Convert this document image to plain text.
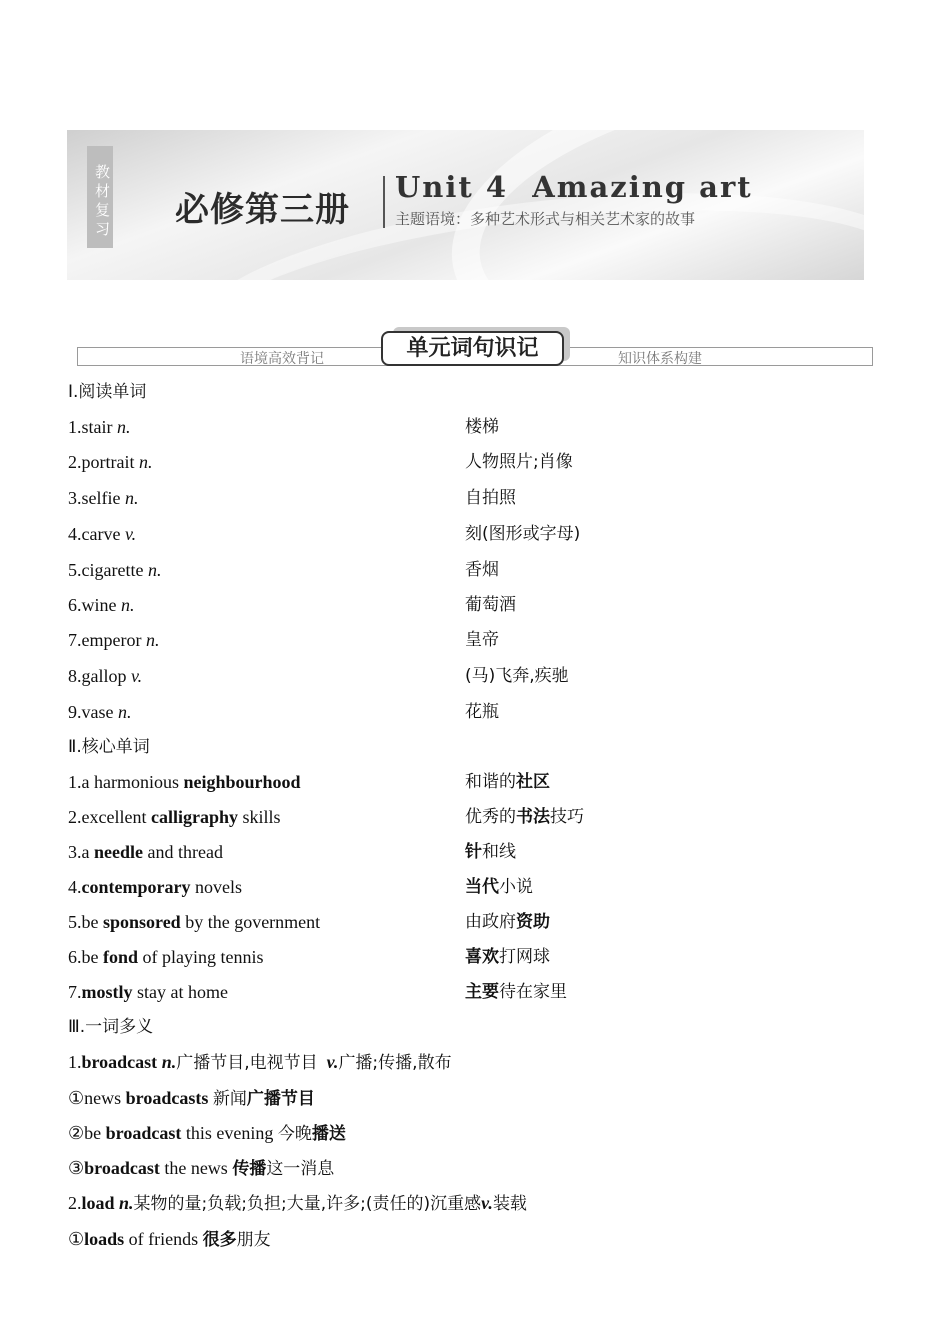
教材复习 必修第三册
Unit 4  Amazing art
主题语境：多种艺术形式与相关艺术家的故事
语境高效背记	知识体系构建
单元词句识记
Ⅰ.阅读单词
1.stair n.	楼梯
2.portrait n.	人物照片;肖像
3.selfie n.	自拍照
4.carve v.	刻(图形或字母)
5.cigarette n.	香烟
6.wine n.	葡萄酒
7.emperor n.	皇帝
8.gallop v.	(马)飞奔,疾驰
9.vase n.	花瓶
Ⅱ.核心单词
1.a harmonious neighbourhood	和谐的社区
2.excellent calligraphy skills	优秀的书法技巧
3.a needle and thread	针和线
4.contemporary novels	当代小说
5.be sponsored by the government	由政府资助
6.be fond of playing tennis	喜欢打网球
7.mostly stay at home	主要待在家里
Ⅲ.一词多义
1.broadcast n.广播节目,电视节目 v.广播;传播,散布
①news broadcasts 新闻广播节目
②be broadcast this evening 今晚播送
③broadcast the news 传播这一消息
2.load n.某物的量;负载;负担;大量,许多;(责任的)沉重感v.装载
①loads of friends 很多朋友
